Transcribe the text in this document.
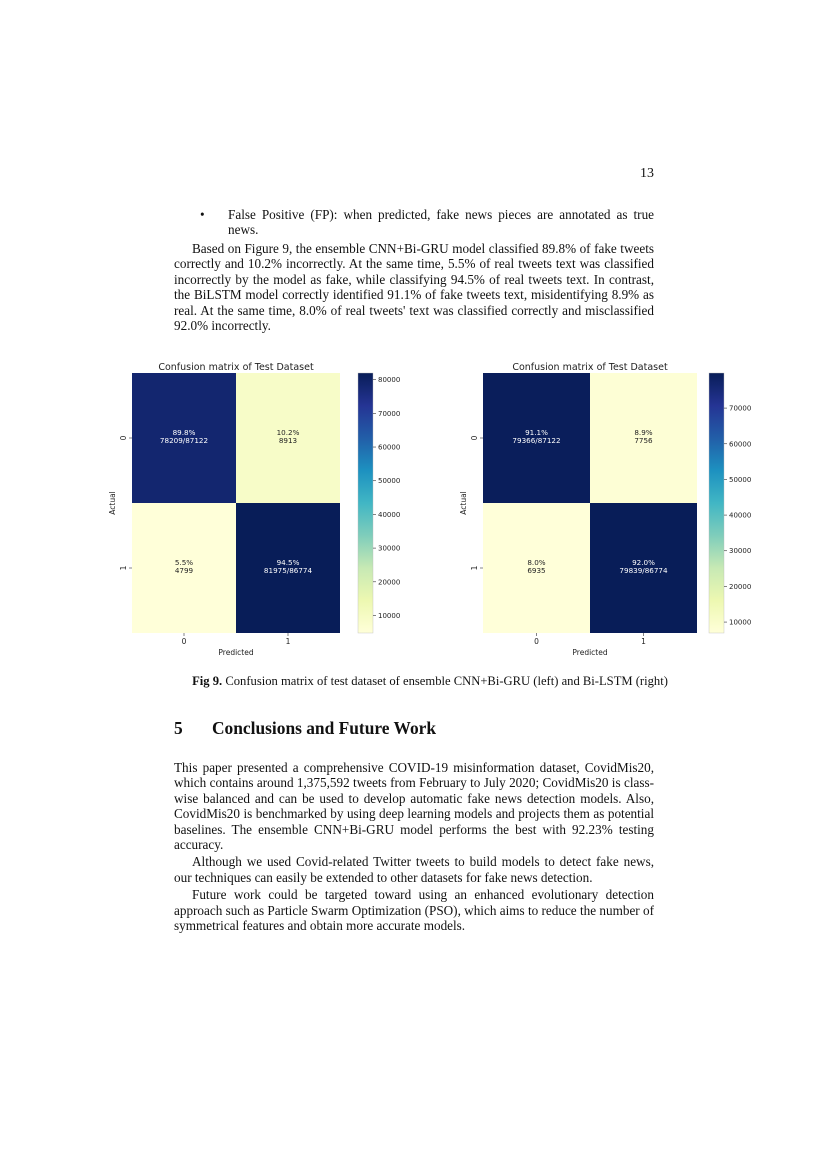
13
•	False Positive (FP): when predicted, fake news pieces are annotated as true news.

Based on Figure 9, the ensemble CNN+Bi-GRU model classified 89.8% of fake tweets correctly and 10.2% incorrectly. At the same time, 5.5% of real tweets text was classified incorrectly by the model as fake, while classifying 94.5% of real tweets text. In contrast, the BiLSTM model correctly identified 91.1% of fake tweets text, misidentifying 8.9% as real. At the same time, 8.0% of real tweets' text was classified correctly and misclassified 92.0% incorrectly.

Confusion matrix of Test Dataset
89.8%
78209/87122
10.2%
8913
5.5%
4799
94.5%
81975/86774
0	1
Predicted
0
1
Actual
10000
20000
30000
40000
50000
60000
70000
80000
Confusion matrix of Test Dataset
91.1%
79366/87122
8.9%
7756
8.0%
6935
92.0%
79839/86774
0	1
Predicted
0
1
Actual
10000
20000
30000
40000
50000
60000
70000
Fig 9. Confusion matrix of test dataset of ensemble CNN+Bi-GRU (left) and Bi-LSTM (right)
5	Conclusions and Future Work

This paper presented a comprehensive COVID-19 misinformation dataset, CovidMis20, which contains around 1,375,592 tweets from February to July 2020; CovidMis20 is class-wise balanced and can be used to develop automatic fake news detection models. Also, CovidMis20 is benchmarked by using deep learning models and projects them as potential baselines. The ensemble CNN+Bi-GRU model performs the best with 92.23% testing accuracy.

Although we used Covid-related Twitter tweets to build models to detect fake news, our techniques can easily be extended to other datasets for fake news detection.

Future work could be targeted toward using an enhanced evolutionary detection approach such as Particle Swarm Optimization (PSO), which aims to reduce the number of symmetrical features and obtain more accurate models.
